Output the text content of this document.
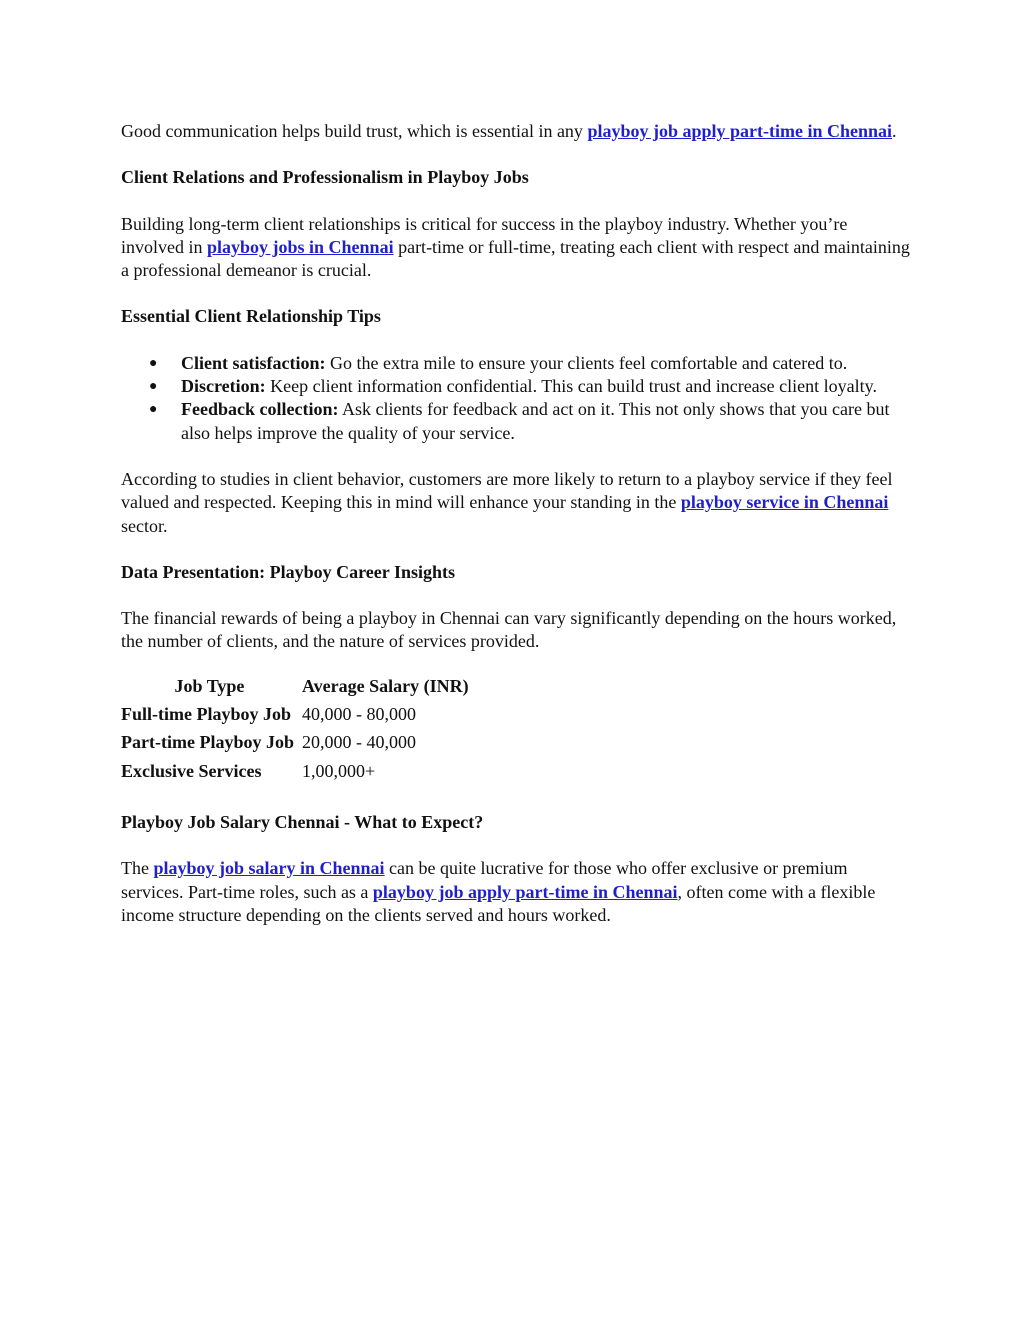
Good communication helps build trust, which is essential in any playboy job apply part-time in Chennai.

Client Relations and Professionalism in Playboy Jobs

Building long-term client relationships is critical for success in the playboy industry. Whether you’re involved in playboy jobs in Chennai part-time or full-time, treating each client with respect and maintaining a professional demeanor is crucial.

Essential Client Relationship Tips
● Client satisfaction: Go the extra mile to ensure your clients feel comfortable and catered to.
● Discretion: Keep client information confidential. This can build trust and increase client loyalty.
● Feedback collection: Ask clients for feedback and act on it. This not only shows that you care but also helps improve the quality of your service.

According to studies in client behavior, customers are more likely to return to a playboy service if they feel valued and respected. Keeping this in mind will enhance your standing in the playboy service in Chennai sector.

Data Presentation: Playboy Career Insights

The financial rewards of being a playboy in Chennai can vary significantly depending on the hours worked, the number of clients, and the nature of services provided.

Job Type	Average Salary (INR)
Full-time Playboy Job	40,000 - 80,000
Part-time Playboy Job	20,000 - 40,000
Exclusive Services	1,00,000+
Playboy Job Salary Chennai - What to Expect?

The playboy job salary in Chennai can be quite lucrative for those who offer exclusive or premium services. Part-time roles, such as a playboy job apply part-time in Chennai, often come with a flexible income structure depending on the clients served and hours worked.
